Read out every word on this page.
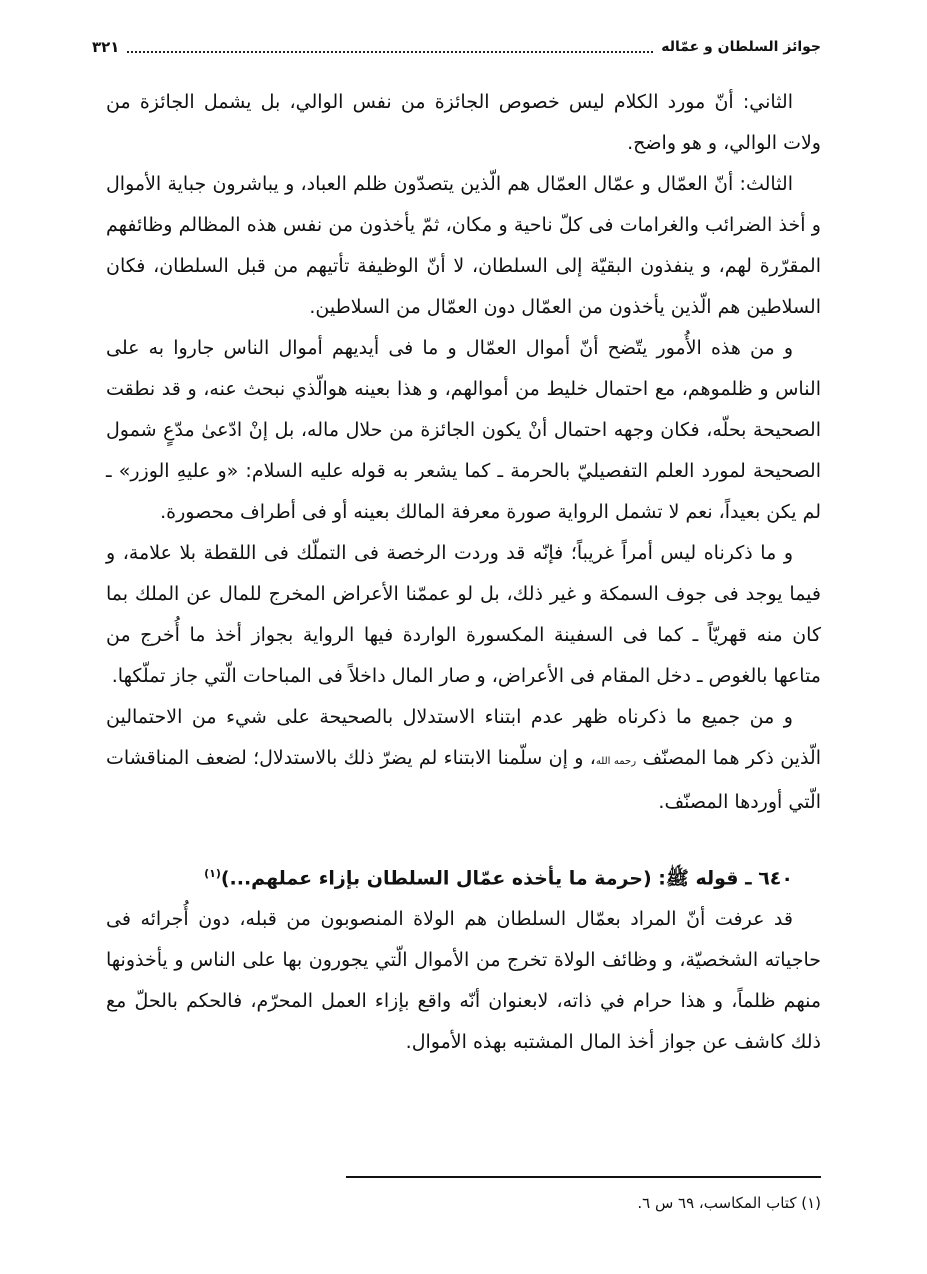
جوائز السلطان و عمّاله
٣٢١

الثاني: أنّ مورد الكلام ليس خصوص الجائزة من نفس الوالي، بل يشمل الجائزة من ولات الوالي، و هو واضح.

الثالث: أنّ العمّال و عمّال العمّال هم الّذين يتصدّون ظلم العباد، و يباشرون جباية الأموال و أخذ الضرائب والغرامات فى كلّ ناحية و مكان، ثمّ يأخذون من نفس هذه المظالم وظائفهم المقرّرة لهم، و ينفذون البقيّة إلى السلطان، لا أنّ الوظيفة تأتيهم من قبل السلطان، فكان السلاطين هم الّذين يأخذون من العمّال دون العمّال من السلاطين.

و من هذه الأُمور يتّضح أنّ أموال العمّال و ما فى أيديهم أموال الناس جاروا به على الناس و ظلموهم، مع احتمال خليط من أموالهم، و هذا بعينه هوالّذي نبحث عنه، و قد نطقت الصحيحة بحلّه، فكان وجهه احتمال أنْ يكون الجائزة من حلال ماله، بل إنْ ادّعىٰ مدّعٍ شمول الصحيحة لمورد العلم التفصيليّ بالحرمة ـ كما يشعر به قوله عليه السلام: «و عليهِ الوزر» ـ لم يكن بعيداً، نعم لا تشمل الرواية صورة معرفة المالك بعينه أو فى أطراف محصورة.

و ما ذكرناه ليس أمراً غريباً؛ فإنّه قد وردت الرخصة فى التملّك فى اللقطة بلا علامة، و فيما يوجد فى جوف السمكة و غير ذلك، بل لو عممّنا الأعراض المخرج للمال عن الملك بما كان منه قهريّاً ـ كما فى السفينة المكسورة الواردة فيها الرواية بجواز أخذ ما أُخرج من متاعها بالغوص ـ دخل المقام فى الأعراض، و صار المال داخلاً فى المباحات الّتي جاز تملّكها.

و من جميع ما ذكرناه ظهر عدم ابتناء الاستدلال بالصحيحة على شيء من الاحتمالين الّذين ذكر هما المصنّف رحمه الله، و إن سلّمنا الابتناء لم يضرّ ذلك بالاستدلال؛ لضعف المناقشات الّتي أوردها المصنّف.

٦٤٠ ـ قوله ﷺ: (حرمة ما يأخذه عمّال السلطان بإزاء عملهم...)$^{(١)}$

قد عرفت أنّ المراد بعمّال السلطان هم الولاة المنصوبون من قبله، دون أُجرائه فى حاجياته الشخصيّة، و وظائف الولاة تخرج من الأموال الّتي يجورون بها على الناس و يأخذونها منهم ظلماً، و هذا حرام في ذاته، لابعنوان أنّه واقع بإزاء العمل المحرّم، فالحكم بالحلّ مع ذلك كاشف عن جواز أخذ المال المشتبه بهذه الأموال.

(١) كتاب المكاسب، ٦٩ س ٦.
